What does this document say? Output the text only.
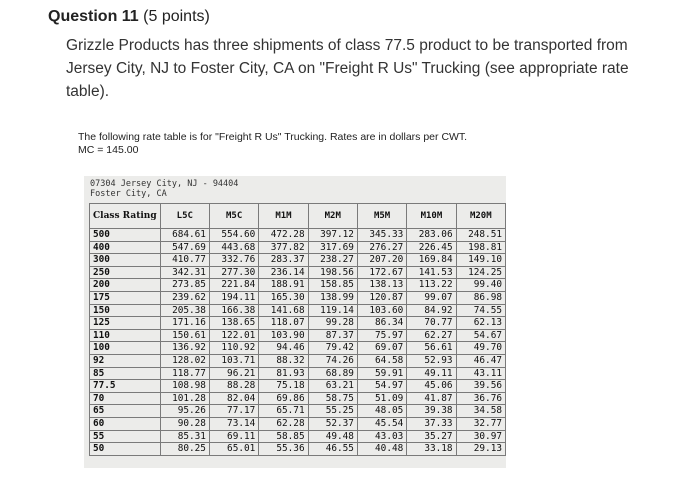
Question 11 (5 points)
Grizzle Products has three shipments of class 77.5 product to be transported from Jersey City, NJ to Foster City, CA on "Freight R Us" Trucking (see appropriate rate table).
The following rate table is for "Freight R Us" Trucking. Rates are in dollars per CWT.
MC = 145.00
07304 Jersey City, NJ - 94404 Foster City, CA
Class Rating	L5C	M5C	M1M	M2M	M5M	M10M	M20M
500	684.61	554.60	472.28	397.12	345.33	283.06	248.51
400	547.69	443.68	377.82	317.69	276.27	226.45	198.81
300	410.77	332.76	283.37	238.27	207.20	169.84	149.10
250	342.31	277.30	236.14	198.56	172.67	141.53	124.25
200	273.85	221.84	188.91	158.85	138.13	113.22	99.40
175	239.62	194.11	165.30	138.99	120.87	99.07	86.98
150	205.38	166.38	141.68	119.14	103.60	84.92	74.55
125	171.16	138.65	118.07	99.28	86.34	70.77	62.13
110	150.61	122.01	103.90	87.37	75.97	62.27	54.67
100	136.92	110.92	94.46	79.42	69.07	56.61	49.70
92	128.02	103.71	88.32	74.26	64.58	52.93	46.47
85	118.77	96.21	81.93	68.89	59.91	49.11	43.11
77.5	108.98	88.28	75.18	63.21	54.97	45.06	39.56
70	101.28	82.04	69.86	58.75	51.09	41.87	36.76
65	95.26	77.17	65.71	55.25	48.05	39.38	34.58
60	90.28	73.14	62.28	52.37	45.54	37.33	32.77
55	85.31	69.11	58.85	49.48	43.03	35.27	30.97
50	80.25	65.01	55.36	46.55	40.48	33.18	29.13
